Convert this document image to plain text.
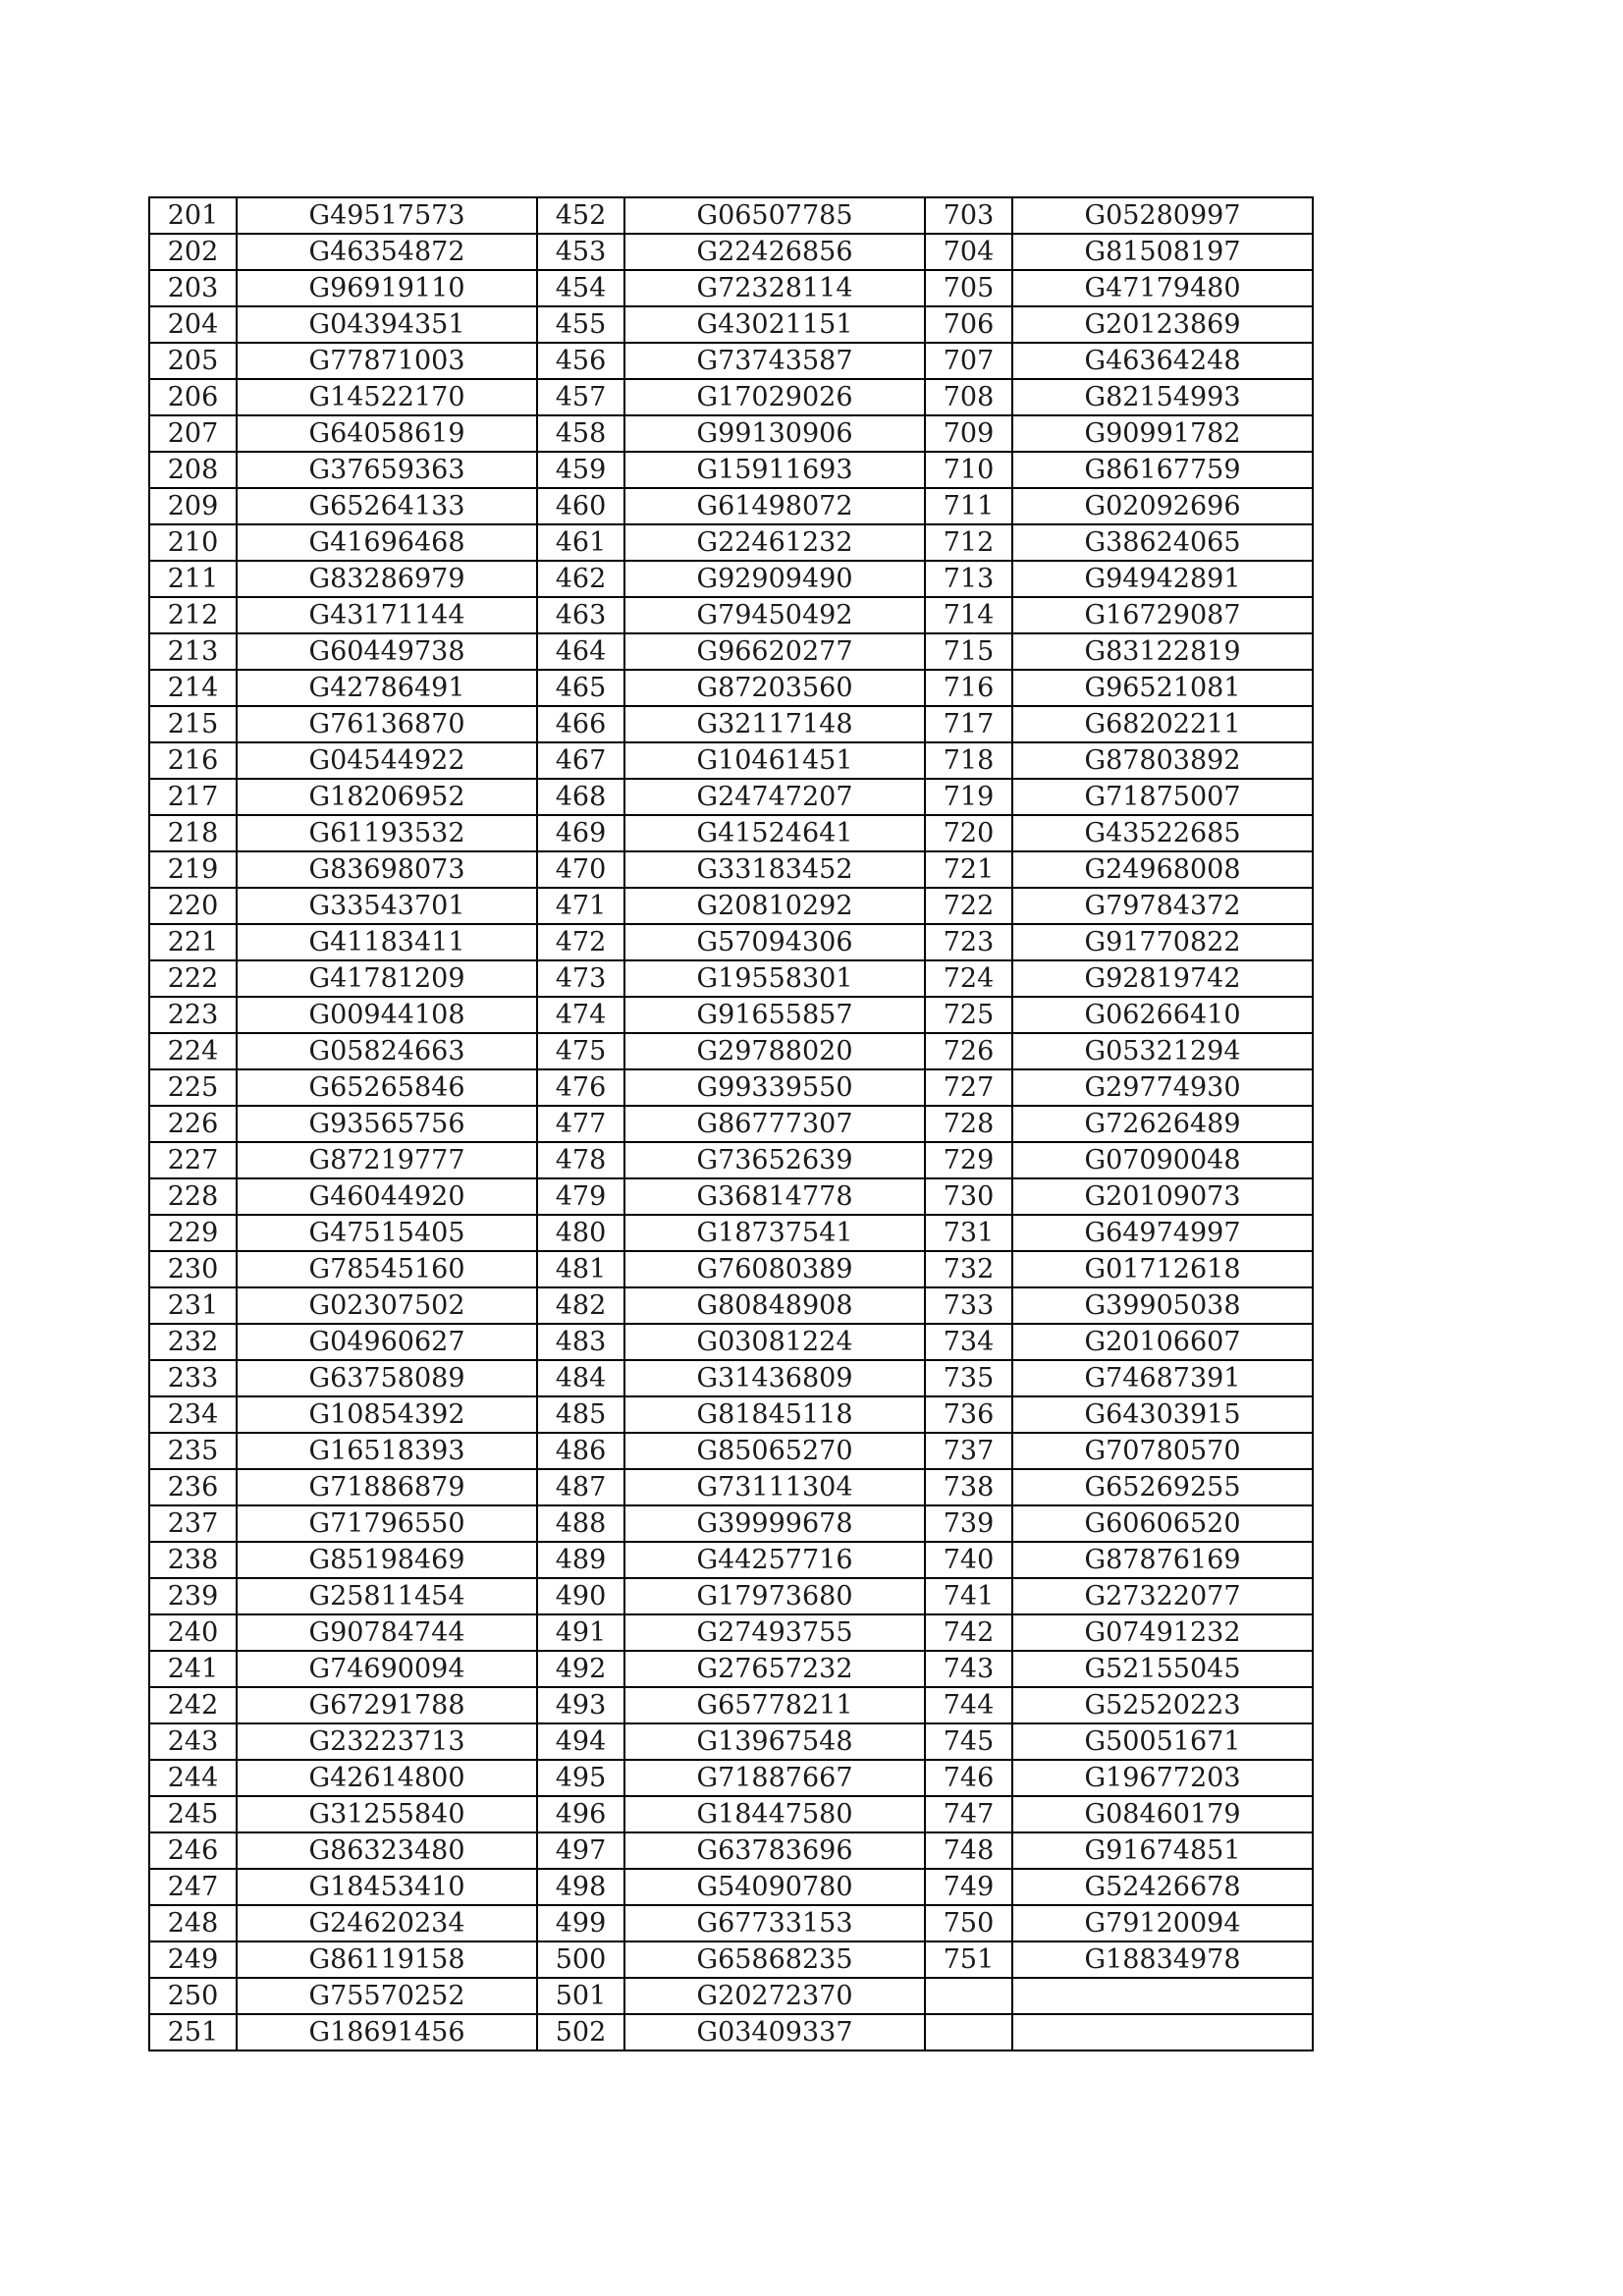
201	G49517573	452	G06507785	703	G05280997
202	G46354872	453	G22426856	704	G81508197
203	G96919110	454	G72328114	705	G47179480
204	G04394351	455	G43021151	706	G20123869
205	G77871003	456	G73743587	707	G46364248
206	G14522170	457	G17029026	708	G82154993
207	G64058619	458	G99130906	709	G90991782
208	G37659363	459	G15911693	710	G86167759
209	G65264133	460	G61498072	711	G02092696
210	G41696468	461	G22461232	712	G38624065
211	G83286979	462	G92909490	713	G94942891
212	G43171144	463	G79450492	714	G16729087
213	G60449738	464	G96620277	715	G83122819
214	G42786491	465	G87203560	716	G96521081
215	G76136870	466	G32117148	717	G68202211
216	G04544922	467	G10461451	718	G87803892
217	G18206952	468	G24747207	719	G71875007
218	G61193532	469	G41524641	720	G43522685
219	G83698073	470	G33183452	721	G24968008
220	G33543701	471	G20810292	722	G79784372
221	G41183411	472	G57094306	723	G91770822
222	G41781209	473	G19558301	724	G92819742
223	G00944108	474	G91655857	725	G06266410
224	G05824663	475	G29788020	726	G05321294
225	G65265846	476	G99339550	727	G29774930
226	G93565756	477	G86777307	728	G72626489
227	G87219777	478	G73652639	729	G07090048
228	G46044920	479	G36814778	730	G20109073
229	G47515405	480	G18737541	731	G64974997
230	G78545160	481	G76080389	732	G01712618
231	G02307502	482	G80848908	733	G39905038
232	G04960627	483	G03081224	734	G20106607
233	G63758089	484	G31436809	735	G74687391
234	G10854392	485	G81845118	736	G64303915
235	G16518393	486	G85065270	737	G70780570
236	G71886879	487	G73111304	738	G65269255
237	G71796550	488	G39999678	739	G60606520
238	G85198469	489	G44257716	740	G87876169
239	G25811454	490	G17973680	741	G27322077
240	G90784744	491	G27493755	742	G07491232
241	G74690094	492	G27657232	743	G52155045
242	G67291788	493	G65778211	744	G52520223
243	G23223713	494	G13967548	745	G50051671
244	G42614800	495	G71887667	746	G19677203
245	G31255840	496	G18447580	747	G08460179
246	G86323480	497	G63783696	748	G91674851
247	G18453410	498	G54090780	749	G52426678
248	G24620234	499	G67733153	750	G79120094
249	G86119158	500	G65868235	751	G18834978
250	G75570252	501	G20272370		
251	G18691456	502	G03409337		
